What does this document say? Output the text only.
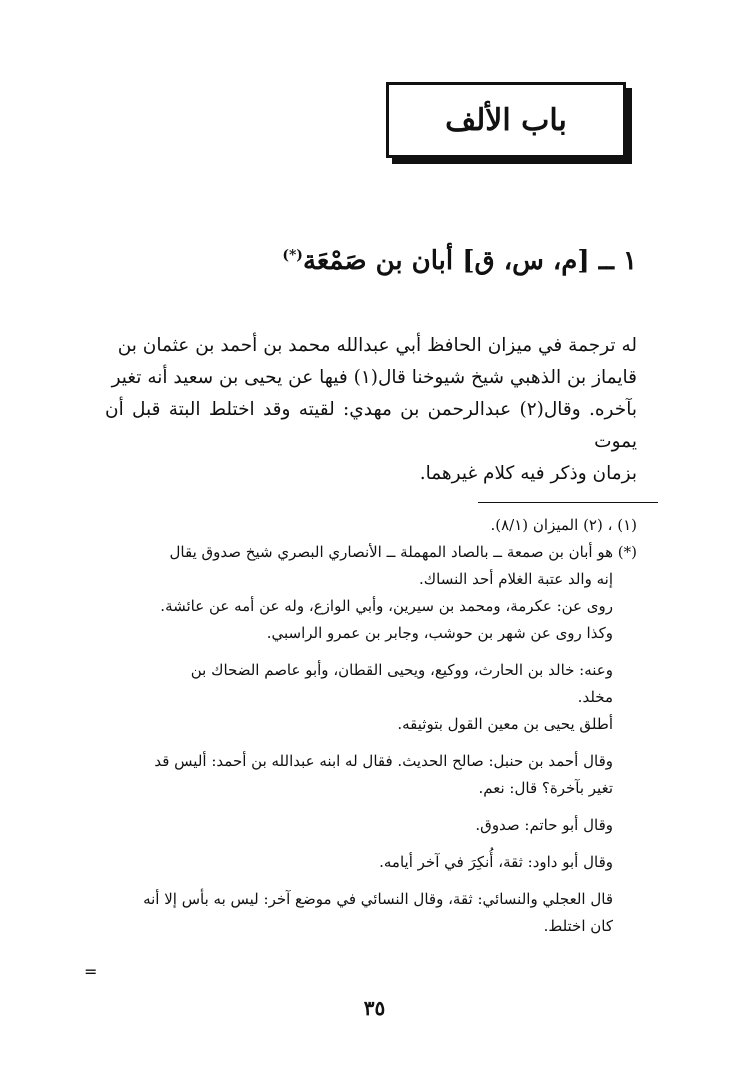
باب الألف
١ ــ [م، س، ق] أبان بن صَمْعَة(*)

له ترجمة في ميزان الحافظ أبي عبدالله محمد بن أحمد بن عثمان بن

قايماز بن الذهبي شيخ شيوخنا قال(١) فيها عن يحيى بن سعيد أنه تغير

بآخره. وقال(٢) عبدالرحمن بن مهدي: لقيته وقد اختلط البتة قبل أن يموت

بزمان وذكر فيه كلام غيرهما.

(١) ، (٢) الميزان (٨/١).

(*) هو أبان بن صمعة ــ بالصاد المهملة ــ الأنصاري البصري شيخ صدوق يقال

إنه والد عتبة الغلام أحد النساك.

روى عن: عكرمة، ومحمد بن سيرين، وأبي الوازع، وله عن أمه عن عائشة.

وكذا روى عن شهر بن حوشب، وجابر بن عمرو الراسبي.

وعنه: خالد بن الحارث، ووكيع، ويحيى القطان، وأبو عاصم الضحاك بن

مخلد.

أطلق يحيى بن معين القول بتوثيقه.

وقال أحمد بن حنبل: صالح الحديث. فقال له ابنه عبدالله بن أحمد: أليس قد

تغير بآخرة؟ قال: نعم.

وقال أبو حاتم: صدوق.

وقال أبو داود: ثقة، أُنكِرَ في آخر أيامه.

قال العجلي والنسائي: ثقة، وقال النسائي في موضع آخر: ليس به بأس إلا أنه

كان اختلط.

=
٣٥
